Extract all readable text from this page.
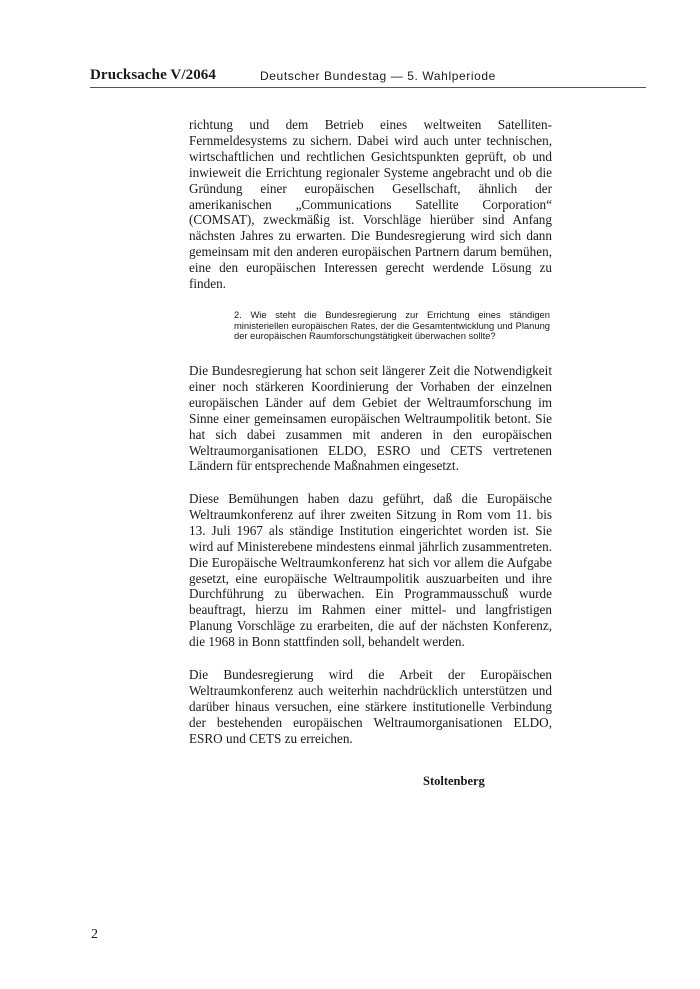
Drucksache V/2064	Deutscher Bundestag — 5. Wahlperiode

richtung und dem Betrieb eines weltweiten Satelliten-Fernmeldesystems zu sichern. Dabei wird auch unter technischen, wirtschaftlichen und rechtlichen Gesichtspunkten geprüft, ob und inwieweit die Errichtung regionaler Systeme angebracht und ob die Gründung einer europäischen Gesellschaft, ähnlich der amerikanischen „Communications Satellite Corporation“ (COMSAT), zweckmäßig ist. Vorschläge hierüber sind Anfang nächsten Jahres zu erwarten. Die Bundesregierung wird sich dann gemeinsam mit den anderen europäischen Partnern darum bemühen, eine den europäischen Interessen gerecht werdende Lösung zu finden.

2. Wie steht die Bundesregierung zur Errichtung eines ständigen ministeriellen europäischen Rates, der die Gesamtentwicklung und Planung der europäischen Raumforschungstätigkeit überwachen sollte?

Die Bundesregierung hat schon seit längerer Zeit die Notwendigkeit einer noch stärkeren Koordinierung der Vorhaben der einzelnen europäischen Länder auf dem Gebiet der Weltraumforschung im Sinne einer gemeinsamen europäischen Weltraumpolitik betont. Sie hat sich dabei zusammen mit anderen in den europäischen Weltraumorganisationen ELDO, ESRO und CETS vertretenen Ländern für entsprechende Maßnahmen eingesetzt.

Diese Bemühungen haben dazu geführt, daß die Europäische Weltraumkonferenz auf ihrer zweiten Sitzung in Rom vom 11. bis 13. Juli 1967 als ständige Institution eingerichtet worden ist. Sie wird auf Ministerebene mindestens einmal jährlich zusammentreten. Die Europäische Weltraumkonferenz hat sich vor allem die Aufgabe gesetzt, eine europäische Weltraumpolitik auszuarbeiten und ihre Durchführung zu überwachen. Ein Programmausschuß wurde beauftragt, hierzu im Rahmen einer mittel- und langfristigen Planung Vorschläge zu erarbeiten, die auf der nächsten Konferenz, die 1968 in Bonn stattfinden soll, behandelt werden.

Die Bundesregierung wird die Arbeit der Europäischen Weltraumkonferenz auch weiterhin nachdrücklich unterstützen und darüber hinaus versuchen, eine stärkere institutionelle Verbindung der bestehenden europäischen Weltraumorganisationen ELDO, ESRO und CETS zu erreichen.

Stoltenberg
2
